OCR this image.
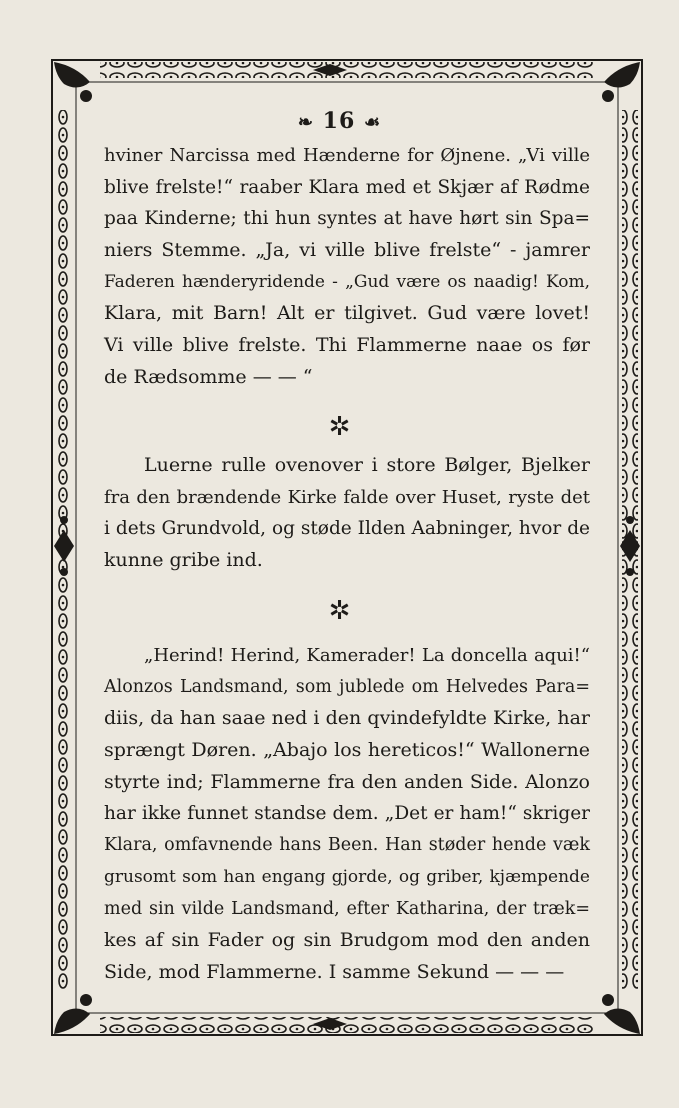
❧ 16 ☙
hviner Narcissa med Hænderne for Øjnene. „Vi ville
blive frelste!“ raaber Klara med et Skjær af Rødme
paa Kinderne; thi hun syntes at have hørt sin Spa=
niers Stemme. „Ja, vi ville blive frelste“ - jamrer
Faderen hænderyridende - „Gud være os naadig! Kom,
Klara, mit Barn! Alt er tilgivet. Gud være lovet!
Vi ville blive frelste. Thi Flammerne naae os før
de Rædsomme — — “
✲
Luerne rulle ovenover i store Bølger, Bjelker
fra den brændende Kirke falde over Huset, ryste det
i dets Grundvold, og støde Ilden Aabninger, hvor de
kunne gribe ind.
✲
„Herind! Herind, Kamerader! La doncella aqui!“
Alonzos Landsmand, som jublede om Helvedes Para=
diis, da han saae ned i den qvindefyldte Kirke, har
sprængt Døren. „Abajo los hereticos!“ Wallonerne
styrte ind; Flammerne fra den anden Side. Alonzo
har ikke funnet standse dem. „Det er ham!“ skriger
Klara, omfavnende hans Been. Han støder hende væk
grusomt som han engang gjorde, og griber, kjæmpende
med sin vilde Landsmand, efter Katharina, der træk=
kes af sin Fader og sin Brudgom mod den anden
Side, mod Flammerne. I samme Sekund — — —
